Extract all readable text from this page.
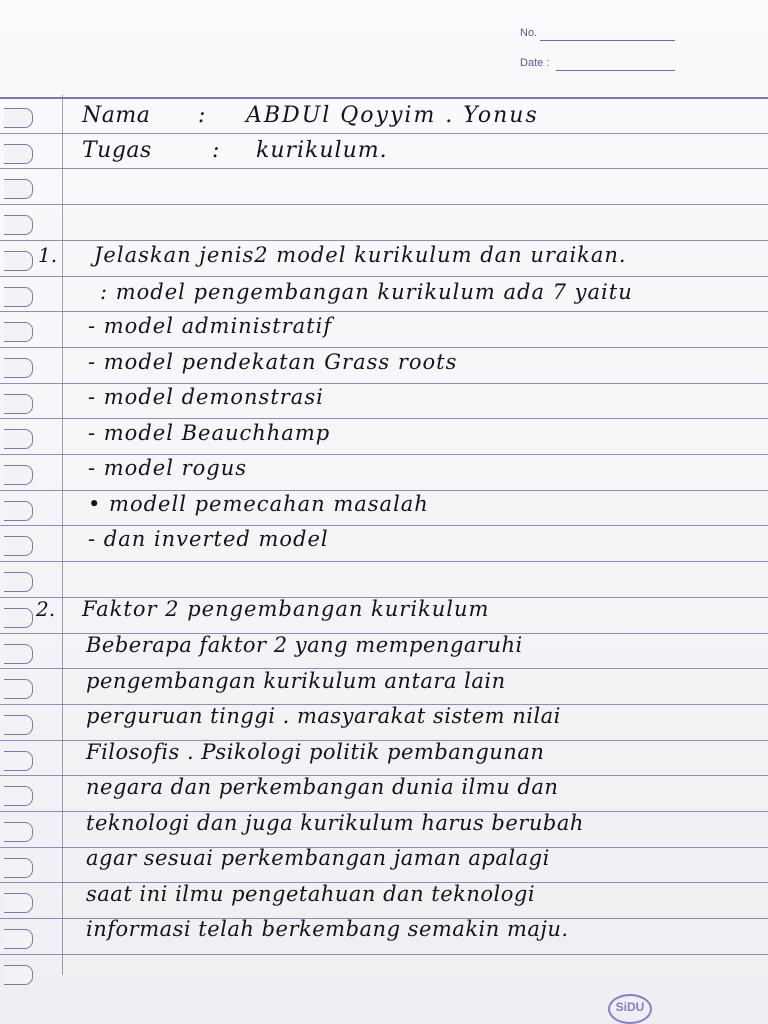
No.
Date :
Nama : ABDUl Qoyyim . Yonus
Tugas	: kurikulum.
1. Jelaskan jenis2 model kurikulum dan uraikan.
: model pengembangan kurikulum ada 7 yaitu
- model administratif
- model pendekatan Grass roots
- model demonstrasi
- model Beauchhamp
- model rogus
• modell pemecahan masalah
- dan inverted model
2. Faktor 2 pengembangan kurikulum
Beberapa faktor 2 yang mempengaruhi
pengembangan kurikulum antara lain
perguruan tinggi . masyarakat sistem nilai
Filosofis . Psikologi politik pembangunan
negara dan perkembangan dunia ilmu dan
teknologi dan juga kurikulum harus berubah
agar sesuai perkembangan jaman apalagi
saat ini ilmu pengetahuan dan teknologi
informasi telah berkembang semakin maju.
SiDU
